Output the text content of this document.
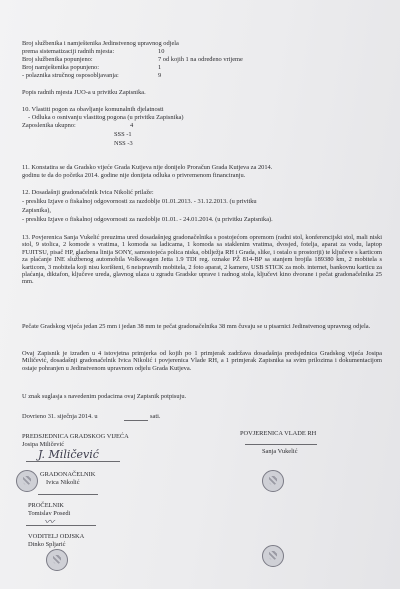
Broj službenika i namještenika Jedinstvenog upravnog odjela
prema sistematizaciji radnih mjesta:	10
Broj službenika popunjeno:	7 od kojih 1 na određeno vrijeme
Broj namještenika popunjeno:	1
- polaznika stručnog osposobljavanja:	9
Popis radnih mjesta JUO-a u privitku Zapisnika.
10. Vlastiti pogon za obavljanje komunalnih djelatnosti
- Odluka o osnivanju vlastitog pogona (u privitku Zapisnika)
Zaposlenika ukupno:	4
SSS -1
NSS -3
11. Konstatira se da Gradsko vijeće Grada Kutjeva nije donijelo Proračun Grada Kutjeva za 2014.
godinu te da do početka 2014. godine nije donijeta odluka o privremenom financiranju.
12. Dosadašnji gradonačelnik Ivica Nikolić prilaže:
- presliku Izjave o fiskalnoj odgovornosti za razdoblje 01.01.2013. - 31.12.2013. (u privitku
Zapisnika),
- presliku Izjave o fiskalnoj odgovornosti za razdoblje 01.01. - 24.01.2014. (u privitku Zapisnika).
13. Povjerenica Sanja Vukelić preuzima ured dosadašnjeg gradonačelnika s postojećom opremom (radni stol, konferencijski stol, mali niski stol, 9 stolica, 2 komode s vratima, 1 komoda sa ladicama, 1 komoda sa staklenim vratima, dvosjed, fotelja, aparat za vodu, laptop FUJITSU, pisač HP, glazbena linija SONY, samostojeća polica niska, obilježja RH i Grada, slike, i ostalo u prostoriji) te ključeve s karticom za plaćanje INE službenog automobila Volkswagen Jetta 1.9 TDI reg. oznake PŽ 814-BP sa stanjem brojila 189380 km, 2 mobitela s karticom, 3 mobitela koji nisu korišteni, 6 neispravnih mobitela, 2 foto aparat, 2 kamere, USB STICK za mob. internet, bankovnu karticu za plaćanja, diktafon, ključeve ureda, glavnog ulaza u zgradu Gradske uprave i radnog stola, ključevi kino dvorane i pečat gradonačelnika 25 mm.
Pečate Gradskog vijeća jedan 25 mm i jedan 38 mm te pečat gradonačelnika 38 mm čuvaju se u pisarnici Jedinstvenog upravnog odjela.
Ovaj Zapisnik je izrađen u 4 istovjetna primjerka od kojih po 1 primjerak zadržava dosadašnja predsjednica Gradskog vijeća Josipa Miličević, dosadašnji gradonačelnik Ivica Nikolić i povjerenica Vlade RH, a 1 primjerak Zapisnika sa svim prilozima i dokumentacijom ostaje pohranjen u Jedinstvenom upravnom odjelu Grada Kutjeva.
U znak suglasja s navedenim podacima ovaj Zapisnik potpisuju.
Dovrieno 31. siječnja 2014. u	sati.
PREDSJEDNICA GRADSKOG VIJEĆA
Josipa Miličević
J. Miličević
GRADONAČELNIK
Ivica Nikolić
PROČELNIK
Tomislav Posedi
〰
VODITELJ ODJSKA
Dinko Spljarić
POVJERENICA VLADE RH
Sanja Vukelić
